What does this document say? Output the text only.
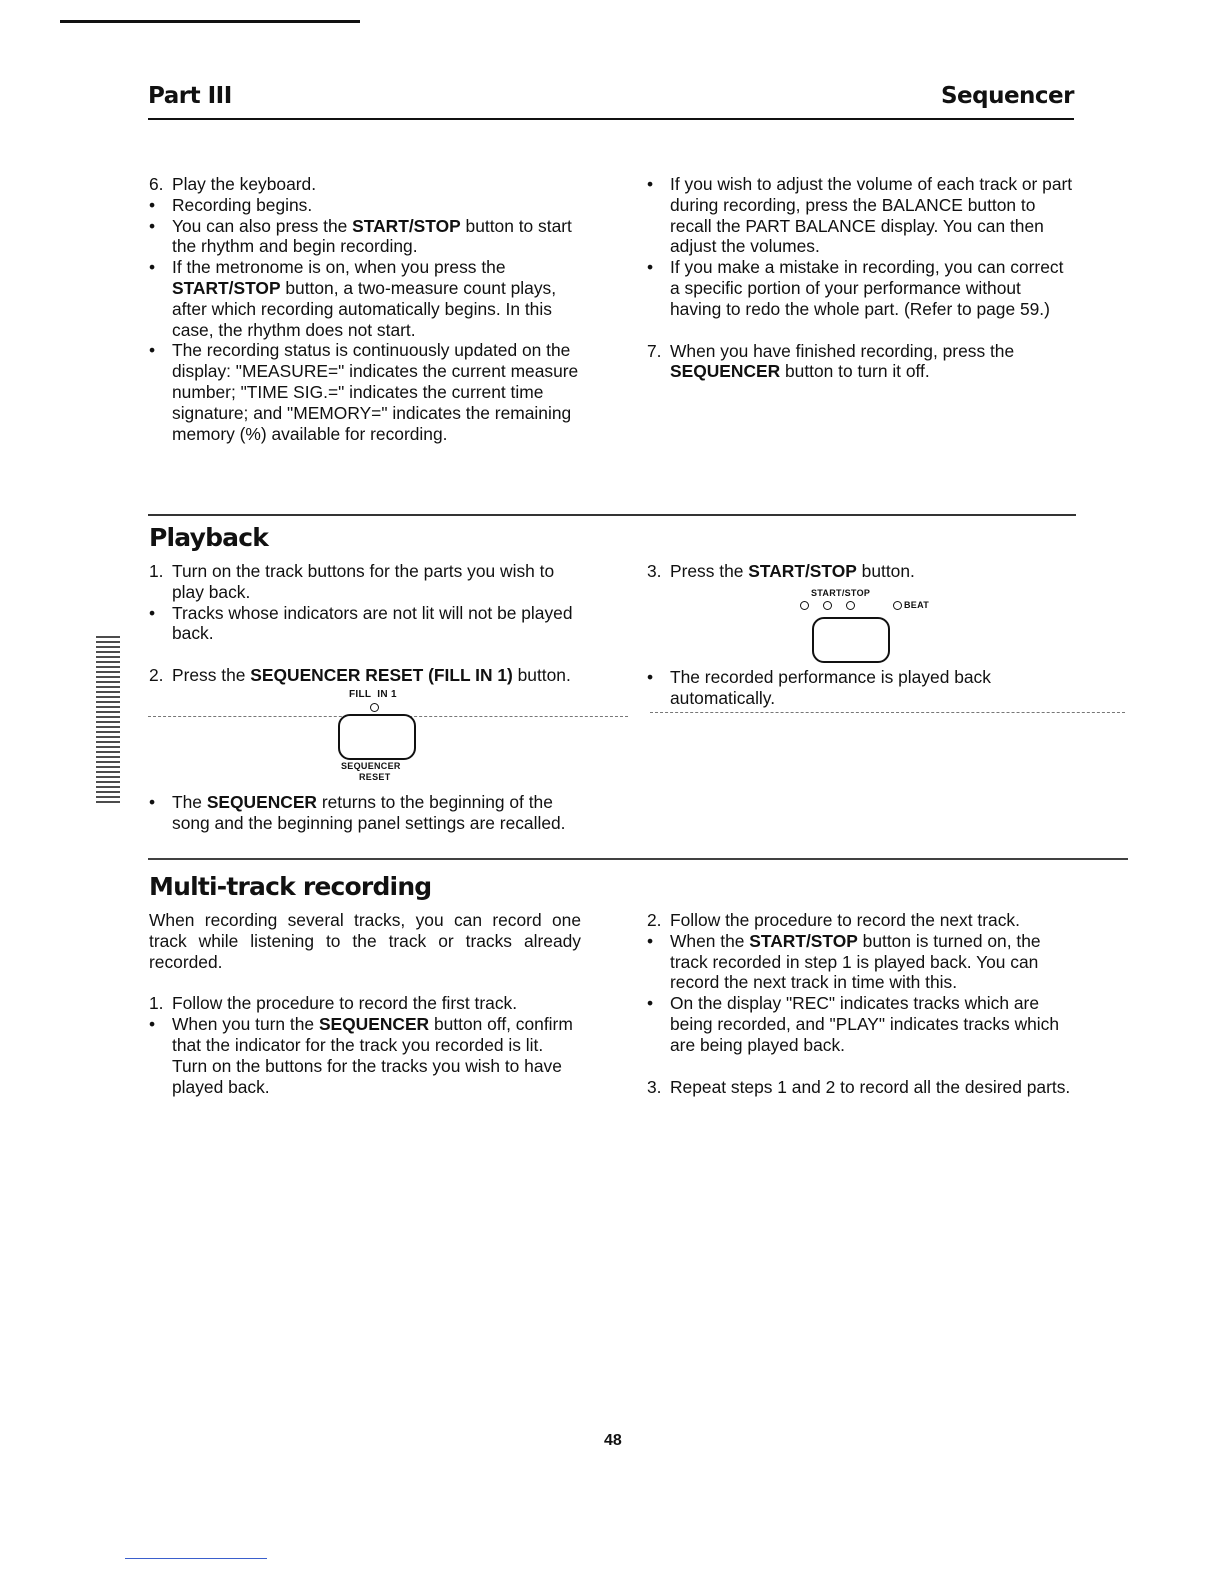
Part III	Sequencer
6. Play the keyboard.
• Recording begins.
• You can also press the START/STOP button to start the rhythm and begin recording.
• If the metronome is on, when you press the START/STOP button, a two-measure count plays, after which recording automatically begins. In this case, the rhythm does not start.
• The recording status is continuously updated on the display: "MEASURE=" indicates the current measure number; "TIME SIG.=" indicates the current time signature; and "MEMORY=" indicates the remaining memory (%) available for recording.
• If you wish to adjust the volume of each track or part during recording, press the BALANCE button to recall the PART BALANCE display. You can then adjust the volumes.
• If you make a mistake in recording, you can correct a specific portion of your performance without having to redo the whole part. (Refer to page 59.)
7. When you have finished recording, press the SEQUENCER button to turn it off.
Playback
1. Turn on the track buttons for the parts you wish to play back.
• Tracks whose indicators are not lit will not be played back.
2. Press the SEQUENCER RESET (FILL IN 1) button.
FILL  IN 1
SEQUENCER
RESET
• The SEQUENCER returns to the beginning of the song and the beginning panel settings are recalled.
3. Press the START/STOP button.
START/STOP
BEAT
• The recorded performance is played back automatically.
Multi-track recording
When recording several tracks, you can record one track while listening to the track or tracks already recorded.
1. Follow the procedure to record the first track.
• When you turn the SEQUENCER button off, confirm that the indicator for the track you recorded is lit. Turn on the buttons for the tracks you wish to have played back.
2. Follow the procedure to record the next track.
• When the START/STOP button is turned on, the track recorded in step 1 is played back. You can record the next track in time with this.
• On the display "REC" indicates tracks which are being recorded, and "PLAY" indicates tracks which are being played back.
3. Repeat steps 1 and 2 to record all the desired parts.
48
